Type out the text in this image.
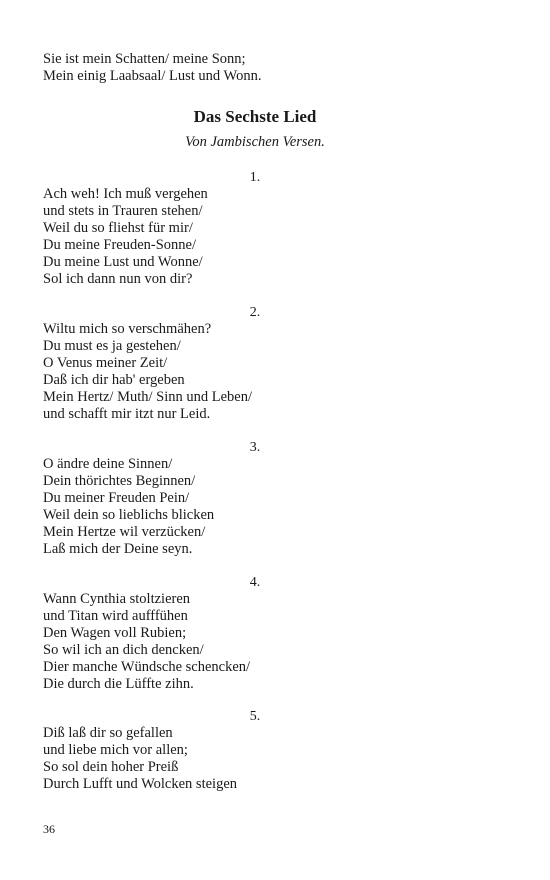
Sie ist mein Schatten/ meine Sonn;
Mein einig Laabsaal/ Lust und Wonn.
Das Sechste Lied
Von Jambischen Versen.
1.
Ach weh! Ich muß vergehen
und stets in Trauren stehen/
Weil du so fliehst für mir/
Du meine Freuden-Sonne/
Du meine Lust und Wonne/
Sol ich dann nun von dir?
2.
Wiltu mich so verschmähen?
Du must es ja gestehen/
O Venus meiner Zeit/
Daß ich dir hab' ergeben
Mein Hertz/ Muth/ Sinn und Leben/
und schafft mir itzt nur Leid.
3.
O ändre deine Sinnen/
Dein thörichtes Beginnen/
Du meiner Freuden Pein/
Weil dein so lieblichs blicken
Mein Hertze wil verzücken/
Laß mich der Deine seyn.
4.
Wann Cynthia stoltzieren
und Titan wird aufffühen
Den Wagen voll Rubien;
So wil ich an dich dencken/
Dier manche Wündsche schencken/
Die durch die Lüffte zihn.
5.
Diß laß dir so gefallen
und liebe mich vor allen;
So sol dein hoher Preiß
Durch Lufft und Wolcken steigen
36
